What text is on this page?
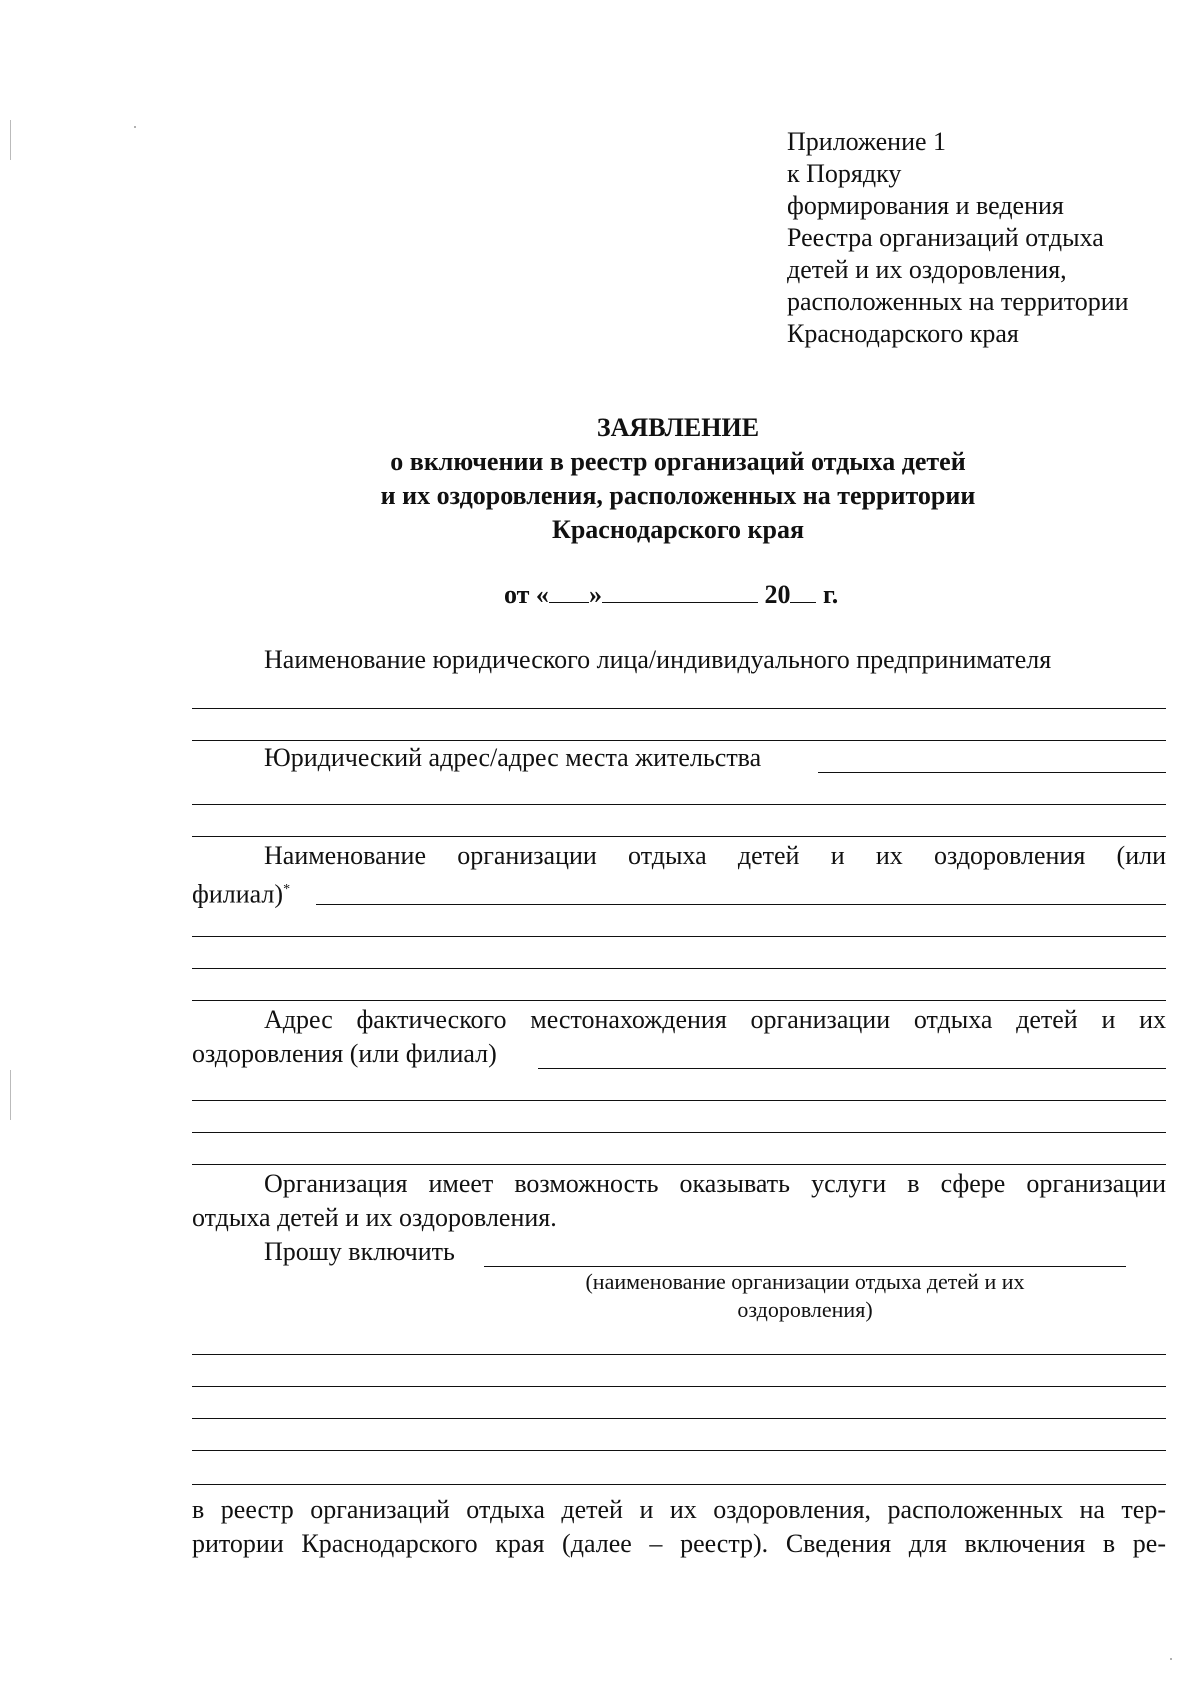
Приложение 1
к Порядку
формирования и ведения
Реестра организаций отдыха
детей и их оздоровления,
расположенных на территории
Краснодарского края
ЗАЯВЛЕНИЕ
о включении в реестр организаций отдыха детей
и их оздоровления, расположенных на территории
Краснодарского края
от « »	20 г.
Наименование юридического лица/индивидуального предпринимателя
Юридический адрес/адрес места жительства
Наименование организации отдыха детей и их оздоровления (или
филиал)*
Адрес фактического местонахождения организации отдыха детей и их
оздоровления (или филиал)
Организация имеет возможность оказывать услуги в сфере организации
отдыха детей и их оздоровления.
Прошу включить
(наименование организации отдыха детей и их
оздоровления)
в реестр организаций отдыха детей и их оздоровления, расположенных на тер-
ритории Краснодарского края (далее – реестр). Сведения для включения в ре-
